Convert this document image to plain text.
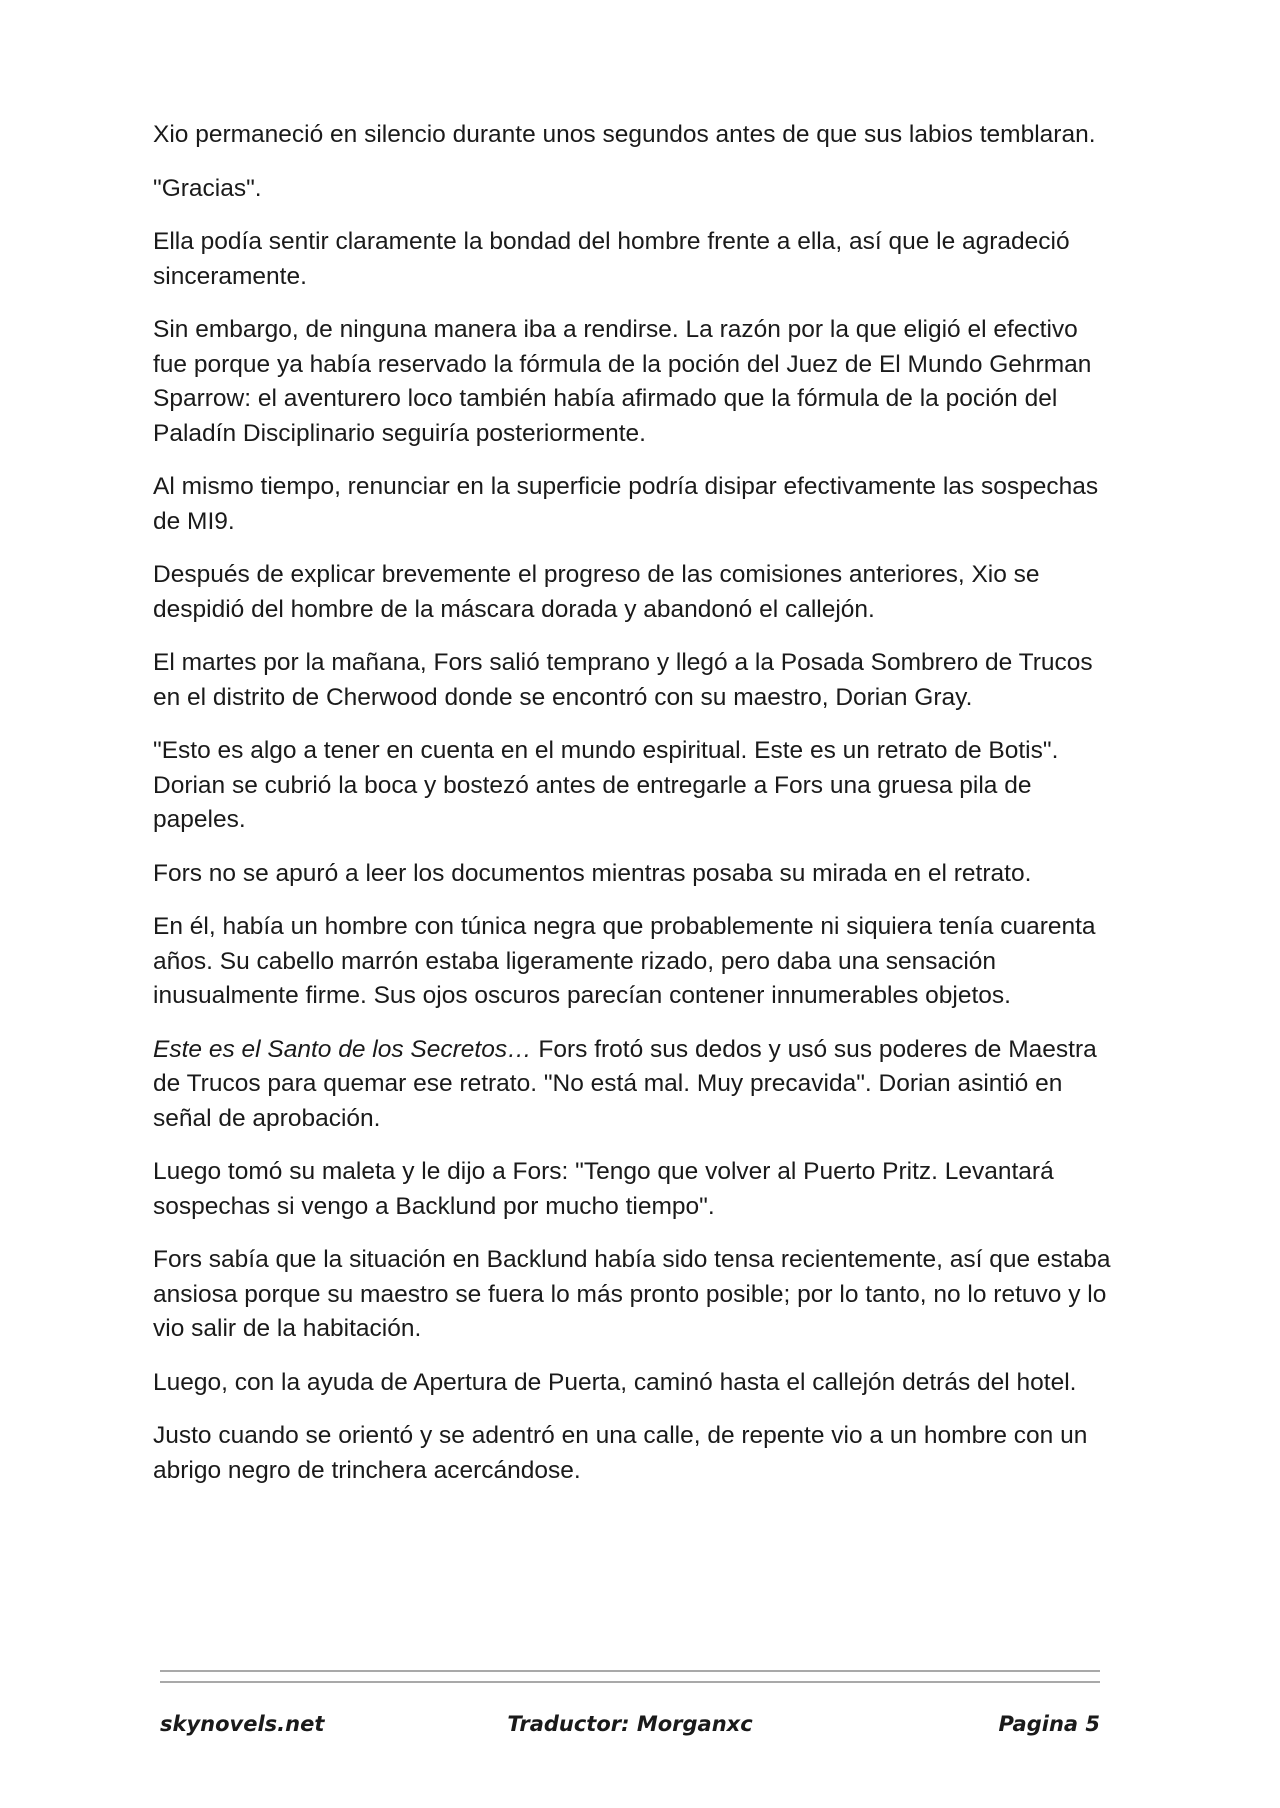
Xio permaneció en silencio durante unos segundos antes de que sus labios temblaran.

"Gracias".

Ella podía sentir claramente la bondad del hombre frente a ella, así que le agradeció sinceramente.

Sin embargo, de ninguna manera iba a rendirse. La razón por la que eligió el efectivo fue porque ya había reservado la fórmula de la poción del Juez de El Mundo Gehrman Sparrow: el aventurero loco también había afirmado que la fórmula de la poción del Paladín Disciplinario seguiría posteriormente.

Al mismo tiempo, renunciar en la superficie podría disipar efectivamente las sospechas de MI9.

Después de explicar brevemente el progreso de las comisiones anteriores, Xio se despidió del hombre de la máscara dorada y abandonó el callejón.

El martes por la mañana, Fors salió temprano y llegó a la Posada Sombrero de Trucos en el distrito de Cherwood donde se encontró con su maestro, Dorian Gray.

"Esto es algo a tener en cuenta en el mundo espiritual. Este es un retrato de Botis". Dorian se cubrió la boca y bostezó antes de entregarle a Fors una gruesa pila de papeles.

Fors no se apuró a leer los documentos mientras posaba su mirada en el retrato.

En él, había un hombre con túnica negra que probablemente ni siquiera tenía cuarenta años. Su cabello marrón estaba ligeramente rizado, pero daba una sensación inusualmente firme. Sus ojos oscuros parecían contener innumerables objetos.

Este es el Santo de los Secretos… Fors frotó sus dedos y usó sus poderes de Maestra de Trucos para quemar ese retrato. "No está mal. Muy precavida". Dorian asintió en señal de aprobación.

Luego tomó su maleta y le dijo a Fors: "Tengo que volver al Puerto Pritz. Levantará sospechas si vengo a Backlund por mucho tiempo".

Fors sabía que la situación en Backlund había sido tensa recientemente, así que estaba ansiosa porque su maestro se fuera lo más pronto posible; por lo tanto, no lo retuvo y lo vio salir de la habitación.

Luego, con la ayuda de Apertura de Puerta, caminó hasta el callejón detrás del hotel.

Justo cuando se orientó y se adentró en una calle, de repente vio a un hombre con un abrigo negro de trinchera acercándose.

skynovels.net	Traductor: Morganxc	Pagina 5
